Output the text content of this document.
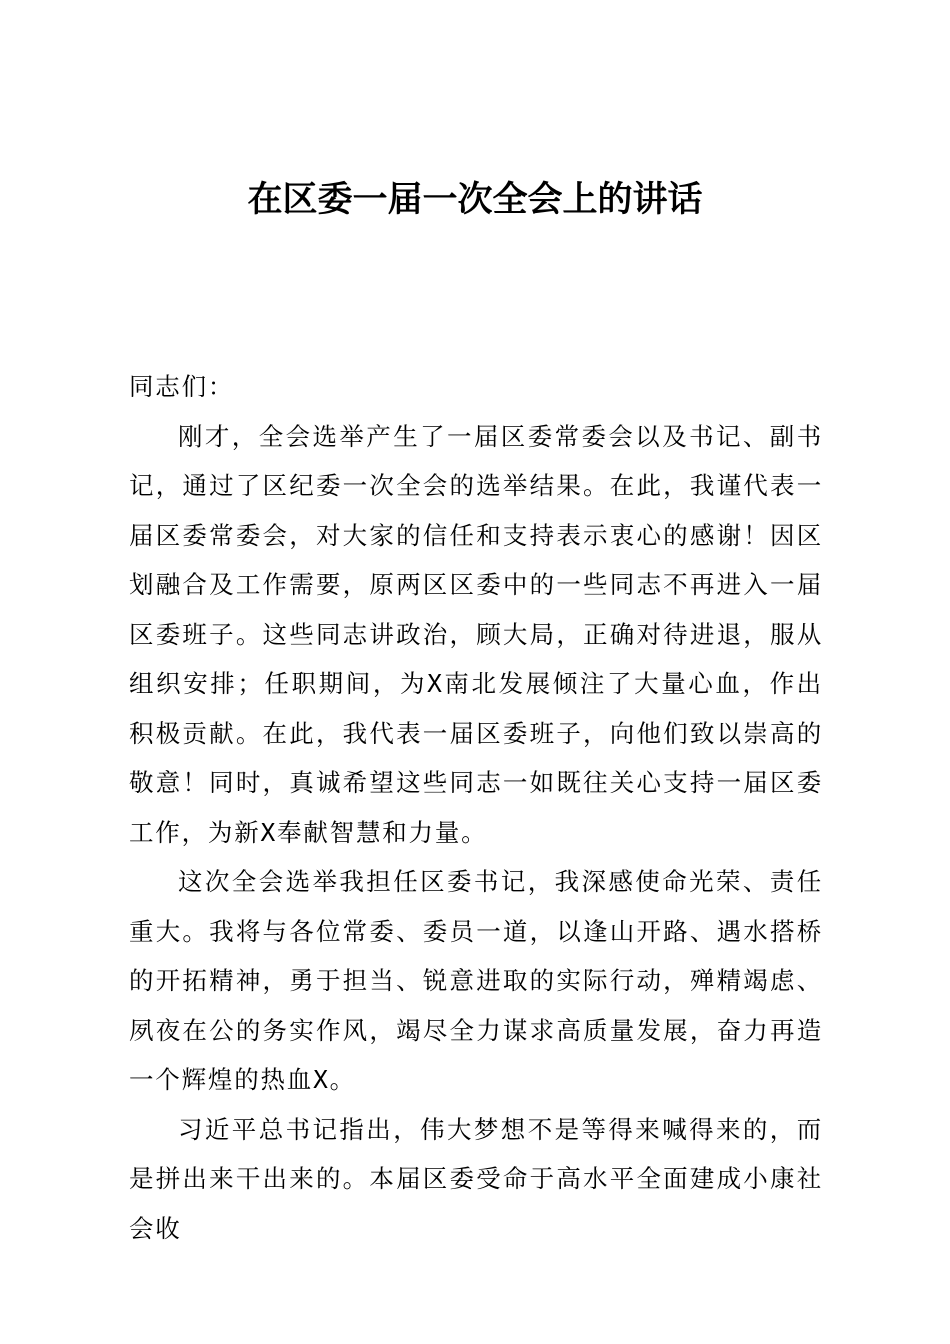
在区委一届一次全会上的讲话

同志们：

刚才，全会选举产生了一届区委常委会以及书记、副书记，通过了区纪委一次全会的选举结果。在此，我谨代表一届区委常委会，对大家的信任和支持表示衷心的感谢！因区划融合及工作需要，原两区区委中的一些同志不再进入一届区委班子。这些同志讲政治，顾大局，正确对待进退，服从组织安排；任职期间，为X南北发展倾注了大量心血，作出积极贡献。在此，我代表一届区委班子，向他们致以崇高的敬意！同时，真诚希望这些同志一如既往关心支持一届区委工作，为新X奉献智慧和力量。

这次全会选举我担任区委书记，我深感使命光荣、责任重大。我将与各位常委、委员一道，以逢山开路、遇水搭桥的开拓精神，勇于担当、锐意进取的实际行动，殚精竭虑、夙夜在公的务实作风，竭尽全力谋求高质量发展，奋力再造一个辉煌的热血X。

习近平总书记指出，伟大梦想不是等得来喊得来的，而是拼出来干出来的。本届区委受命于高水平全面建成小康社会收
